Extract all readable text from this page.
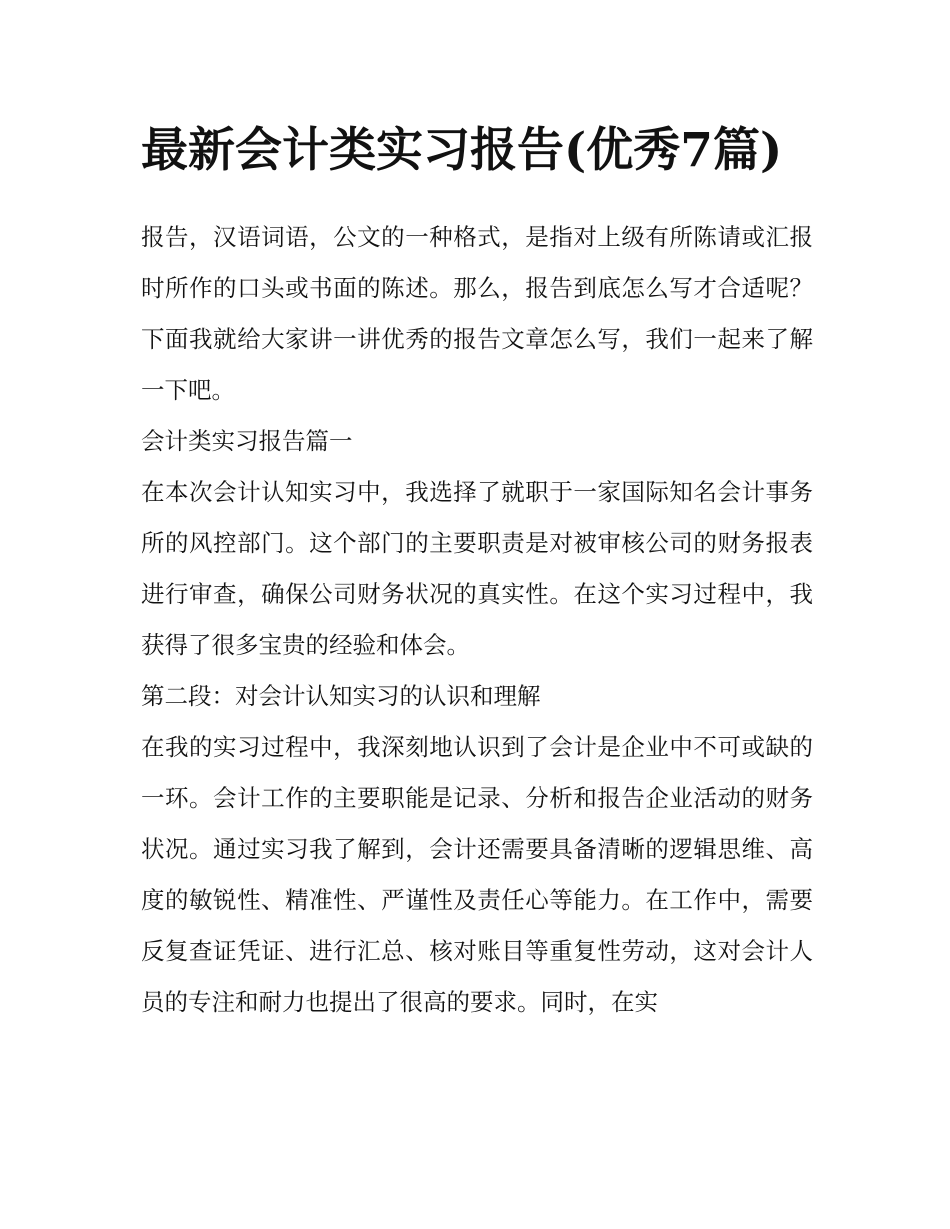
最新会计类实习报告(优秀7篇)

报告，汉语词语，公文的一种格式，是指对上级有所陈请或汇报时所作的口头或书面的陈述。那么，报告到底怎么写才合适呢？下面我就给大家讲一讲优秀的报告文章怎么写，我们一起来了解一下吧。

会计类实习报告篇一

在本次会计认知实习中，我选择了就职于一家国际知名会计事务所的风控部门。这个部门的主要职责是对被审核公司的财务报表进行审查，确保公司财务状况的真实性。在这个实习过程中，我获得了很多宝贵的经验和体会。

第二段：对会计认知实习的认识和理解

在我的实习过程中，我深刻地认识到了会计是企业中不可或缺的一环。会计工作的主要职能是记录、分析和报告企业活动的财务状况。通过实习我了解到，会计还需要具备清晰的逻辑思维、高度的敏锐性、精准性、严谨性及责任心等能力。在工作中，需要反复查证凭证、进行汇总、核对账目等重复性劳动，这对会计人员的专注和耐力也提出了很高的要求。同时，在实
